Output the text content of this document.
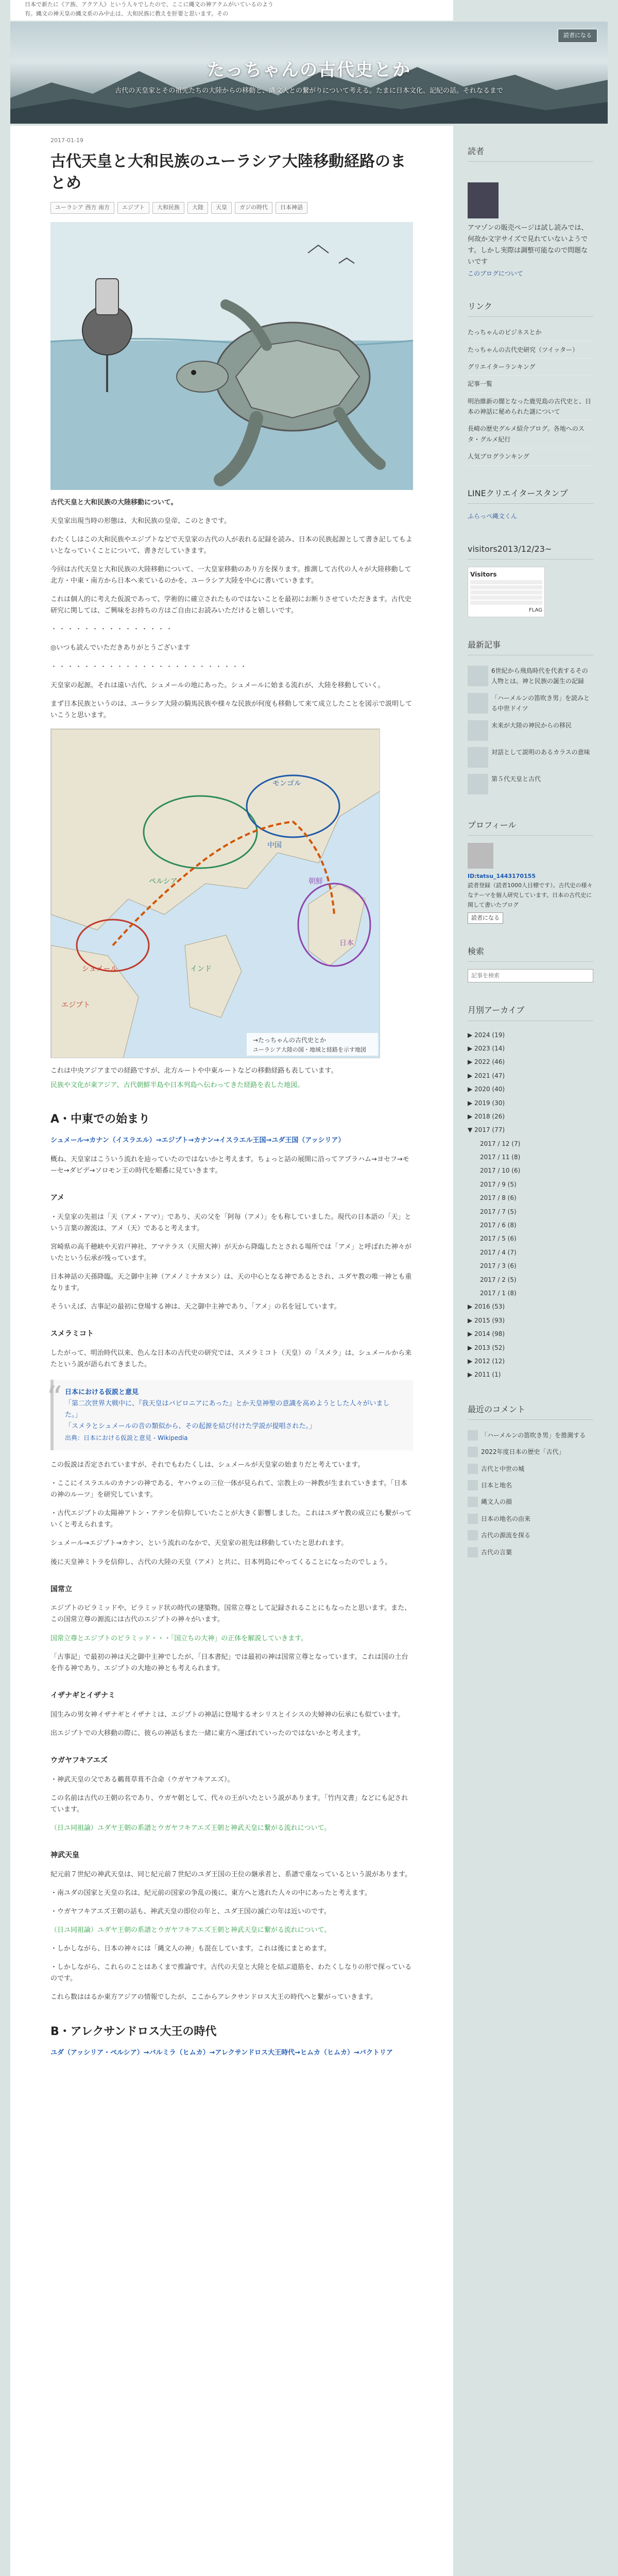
日本で新たに《ア族、アクア人》という人々でしたので、ここに縄文の神アクムがいているのよう
有。縄文の神天皇の縄文系のみ中止は、大和民族に教えを肝要と思います。その
読者になる
たっちゃんの古代史とか
古代の天皇家とその祖先たちの大陸からの移動と、縄文人との繋がりについて考える。たまに日本文化、記紀の話。それなるまで
2017-01-19
古代天皇と大和民族のユーラシア大陸移動経路のまとめ
ユーラシア 西方 南方	エジプト	大和民族	大陸	天皇	ガジの時代	日本神話

古代天皇と大和民族の大陸移動について。

天皇家出現当時の形態は、大和民族の皇帝、このときです。

わたくしはこの大和民族やエジプトなどで天皇家の古代の人が表れる記録を読み、日本の民族起源として書き記してもよいとなっていくことについて、書きだしていきます。

今回は古代天皇と大和民族の大陸移動について、一大皇家移動のあり方を探ります。推測して古代の人々が大陸移動して北方・中東・南方から日本へ来ているのかを、ユーラシア大陸を中心に書いていきます。

これは個人的に考えた仮説であって、学術的に確立されたものではないことを最初にお断りさせていただきます。古代史研究に関しては、ご興味をお持ちの方はご自由にお読みいただけると嬉しいです。

・・・・・・・・・・・・・・・

◎いつも読んでいただきありがとうございます

・・・・・・・・・・・・・・・・・・・・・・・・

天皇家の起源。それは遠い古代、シュメールの地にあった。シュメールに始まる流れが、大陸を移動していく。

まず日本民族というのは、ユーラシア大陸の騎馬民族や様々な民族が何度も移動して来て成立したことを図示で説明していこうと思います。

シュメール
エジプト
ペルシア
インド
中国
朝鮮
日本
モンゴル
→たっちゃんの古代史とか
ユーラシア大陸の国・地域と経路を示す地図

これは中央アジアまでの経路ですが、北方ルートや中東ルートなどの移動経路も表しています。

民族や文化が東アジア、古代朝鮮半島や日本列島へ伝わってきた経路を表した地図。

A・中東での始まり
シュメール→カナン（イスラエル）→エジプト→カナン→イスラエル王国→ユダ王国（アッシリア）

概ね、天皇家はこういう流れを辿っていたのではないかと考えます。ちょっと話の展開に沿ってアブラハム→ヨセフ→モーセ→ダビデ→ソロモン王の時代を順番に見ていきます。

アメ

・天皇家の先祖は「天（アメ・アマ）」であり、天の父を「阿毎（アメ）」をも称していました。現代の日本語の「天」という言葉の源流は、アメ（天）であると考えます。

宮崎県の高千穂峡や天岩戸神社、アマテラス（天照大神）が天から降臨したとされる場所では「アメ」と呼ばれた神々がいたという伝承が残っています。

日本神話の天孫降臨。天之御中主神（アメノミナカヌシ）は、天の中心となる神であるとされ、ユダヤ教の唯一神とも重なります。

そういえば、古事記の最初に登場する神は、天之御中主神であり、「アメ」の名を冠しています。

スメラミコト

したがって、明治時代以来、色んな日本の古代史の研究では、スメラミコト（天皇）の「スメラ」は、シュメールから来たという説が語られてきました。

“ 日本における仮説と意見
「第二次世界大戦中に、『我天皇はバビロニアにあった』とか天皇神聖の意識を高めようとした人々がいました。」
「スメラとシュメールの音の類似から、その起源を結び付けた学説が提唱された。」
出典：日本における仮説と意見 - Wikipedia

この仮説は否定されていますが、それでもわたくしは、シュメールが天皇家の始まりだと考えています。

・ここにイスラエルのカナンの神である、ヤハウェの三位一体が見られて、宗教上の一神教が生まれていきます。「日本の神のルーツ」を研究しています。

・古代エジプトの太陽神アトン・アテンを信仰していたことが大きく影響しました。これはユダヤ教の成立にも繋がっていくと考えられます。

シュメール→エジプト→カナン、という流れのなかで、天皇家の祖先は移動していたと思われます。

後に天皇神ミトラを信仰し、古代の大陸の天皇（アメ）と共に、日本列島にやってくることになったのでしょう。

国常立

エジプトのピラミッドや、ピラミッド状の時代の建築物。国常立尊として記録されることにもなったと思います。また、この国常立尊の源流には古代のエジプトの神々がいます。

国常立尊とエジプトのピラミッド・・・「国立ちの大神」の正体を解説していきます。

「古事記」で最初の神は天之御中主神でしたが、「日本書紀」では最初の神は国常立尊となっています。これは国の土台を作る神であり、エジプトの大地の神とも考えられます。

イザナギとイザナミ

国生みの男女神イザナギとイザナミは、エジプトの神話に登場するオシリスとイシスの夫婦神の伝承にも似ています。

出エジプトでの大移動の際に、彼らの神話もまた一緒に東方へ運ばれていったのではないかと考えます。

ウガヤフキアエズ

・神武天皇の父である鵜葺草葺不合命（ウガヤフキアエズ）。

この名前は古代の王朝の名であり、ウガヤ朝として、代々の王がいたという説があります。「竹内文書」などにも記されています。

（日ユ同祖論）ユダヤ王朝の系譜とウガヤフキアエズ王朝と神武天皇に繋がる流れについて。

神武天皇

紀元前７世紀の神武天皇は、同じ紀元前７世紀のユダ王国の王位の継承者と、系譜で重なっているという説があります。

・南ユダの国家と天皇の名は、紀元前の国家の争乱の後に、東方へと逃れた人々の中にあったと考えます。

・ウガヤフキアエズ王朝の話も、神武天皇の即位の年と、ユダ王国の滅亡の年は近いのです。

（日ユ同祖論）ユダヤ王朝の系譜とウガヤフキアエズ王朝と神武天皇に繋がる流れについて。

・しかしながら、日本の神々には「縄文人の神」も混在しています。これは後にまとめます。

・しかしながら、これらのことはあくまで推論です。古代の天皇と大陸とを結ぶ道筋を、わたくしなりの形で探っているのです。

これら数ははるか東方アジアの情報でしたが、ここからアレクサンドロス大王の時代へと繋がっていきます。

B・アレクサンドロス大王の時代
ユダ（アッシリア・ペルシア）→バルミラ（ヒムカ）→アレクサンドロス大王時代→ヒムカ（ヒムカ）→バクトリア
読者
アマゾンの販売ページは試し読みでは、何故か文字サイズで見れていないようです。しかし実際は調整可能なので問題ないです
このブログについて
リンク
たっちゃんのビジネスとか
たっちゃんの古代史研究（ツイッター）
グリエイターランキング
記事一覧
明治維新の闇となった鹿児島の古代史と、日本の神話に秘められた謎について
長崎の歴史グルメ紹介ブログ。各地へのスタ・グルメ紀行
人気ブログランキング
LINEクリエイタースタンプ
ふらっぺ縄文くん
visitors2013/12/23~
Visitors
FLAG
最新記事
6世紀から飛鳥時代を代表するその人物とは。神と民族の誕生の記録
「ハーメルンの笛吹き男」を読みとる中世ドイツ
未来が大陸の神民からの移民
対話として説明のあるカラスの意味
第５代天皇と古代
プロフィール
ID:tatsu_1443170155
読者登録（読者1000人目標です）。古代史の様々なテーマを個人研究しています。日本の古代史に関して書いたブログ
読者になる
検索
記事を検索
月別アーカイブ
▶ 2024 (19)
▶ 2023 (14)
▶ 2022 (46)
▶ 2021 (47)
▶ 2020 (40)
▶ 2019 (30)
▶ 2018 (26)
▼ 2017 (77)
2017 / 12 (7)
2017 / 11 (8)
2017 / 10 (6)
2017 / 9 (5)
2017 / 8 (6)
2017 / 7 (5)
2017 / 6 (8)
2017 / 5 (6)
2017 / 4 (7)
2017 / 3 (6)
2017 / 2 (5)
2017 / 1 (8)
▶ 2016 (53)
▶ 2015 (93)
▶ 2014 (98)
▶ 2013 (52)
▶ 2012 (12)
▶ 2011 (1)
最近のコメント
「ハーメルンの笛吹き男」を推測する
2022年度日本の歴史「古代」
古代と中世の城
日本と地名
縄文人の顔
日本の地名の由来
古代の源流を探る
古代の言葉
